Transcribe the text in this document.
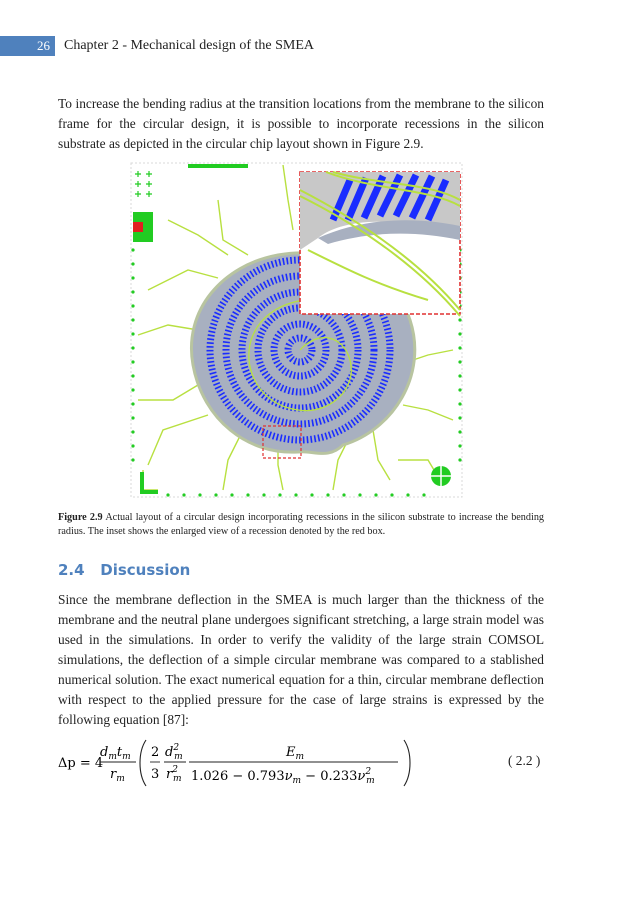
26	Chapter 2 - Mechanical design of the SMEA

To increase the bending radius at the transition locations from the membrane to the silicon frame for the circular design, it is possible to incorporate recessions in the silicon substrate as depicted in the circular chip layout shown in Figure 2.9.

Figure 2.9 Actual layout of a circular design incorporating recessions in the silicon substrate to increase the bending radius. The inset shows the enlarged view of a recession denoted by the red box.

2.4 Discussion

Since the membrane deflection in the SMEA is much larger than the thickness of the membrane and the neutral plane undergoes significant stretching, a large strain model was used in the simulations. In order to verify the validity of the large strain COMSOL simulations, the deflection of a simple circular membrane was compared to a stablished numerical solution. The exact numerical equation for a thin, circular membrane deflection with respect to the applied pressure for the case of large strains is expressed by the following equation [87]:

Δp = 4
$d_mt_m$
$r_m$
2
3
$d^2$ m
$r^2$ m
$E_m$
$1.026 - 0.793\nu_m - 0.233\nu^2$ m
( 2.2 )
